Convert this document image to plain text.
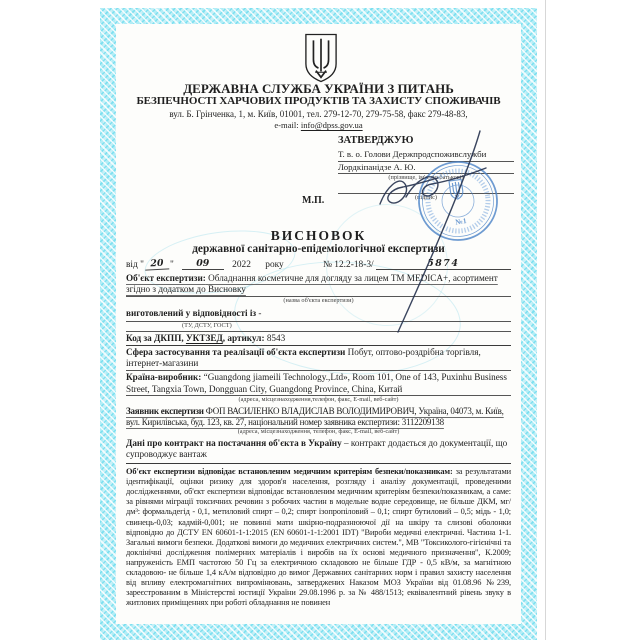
ДЕРЖАВНА СЛУЖБА УКРАЇНИ З ПИТАНЬ
БЕЗПЕЧНОСТІ ХАРЧОВИХ ПРОДУКТІВ ТА ЗАХИСТУ СПОЖИВАЧІВ
вул. Б. Грінченка, 1, м. Київ, 01001, тел. 279-12-70, 279-75-58, факс 279-48-83,
e-mail: info@dpss.gov.ua
ЗАТВЕРДЖУЮ
Т. в. о. Голови Держпродспоживслужби
Лордкіпанідзе А. Ю.
(прізвище, ім'я, по батькові)
(підпис)
М.П.
№1
ВИСНОВОК
державної санітарно-епідеміологічної експертизи
від " 20 " 09 2022 року	№ 12.2-18-3/	5874

Об'єкт експертизи: Обладнання косметичне для догляду за лицем ТМ MEDICA+, асортимент згідно з додатком до Висновку

(назва об'єкта експертизи)

виготовлений у відповідності із -

(ТУ, ДСТУ, ГОСТ)

Код за ДКПП, УКТЗЕД, артикул: 8543

Сфера застосування та реалізації об'єкта експертизи Побут, оптово-роздрібна торгівля, інтернет-магазини

Країна-виробник: “Guangdong jiameili Technology.,Ltd», Room 101, One of 143, Puxinhu Business Street, Tangxia Town, Dongguan City, Guangdong Province, China, Китай

(адреса, місцезнаходження,телефон, факс, E-mail, веб-сайт)

Заявник експертизи ФОП ВАСИЛЕНКО ВЛАДИСЛАВ ВОЛОДИМИРОВИЧ, Україна, 04073, м. Київ, вул. Кирилівська, буд. 123, кв. 27, національний номер заявника експертизи: 3112209138

(адреса, місцезнаходження, телефон, факс, E-mail, веб-сайт)

Дані про контракт на постачання об'єкта в Україну – контракт додається до документації, що супроводжує вантаж

Об'єкт експертизи відповідає встановленим медичним критеріям безпеки/показникам: за результатами ідентифікації, оцінки ризику для здоров'я населення, розгляду і аналізу документації, проведеними дослідженнями, об'єкт експертизи відповідає встановленим медичним критеріям безпеки/показникам, а саме: за рівнями міграції токсичних речовин з робочих частин в модельне водне середовище, не більше ДКМ, мг/дм³: формальдегід - 0,1, метиловий спирт – 0,2; спирт ізопропіловий – 0,1; спирт бутиловий – 0,5; мідь - 1,0; свинець-0,03; кадмій-0,001; не повинні мати шкірно-подразнюючої дії на шкіру та слизові оболонки відповідно до ДСТУ EN 60601-1-1:2015 (EN 60601-1-1:2001 IDT) "Вироби медичні електричні. Частина 1-1. Загальні вимоги безпеки. Додаткові вимоги до медичних електричних систем.", МВ "Токсиколого-гігієнічні та доклінічні дослідження полімерних матеріалів і виробів на їх основі медичного призначення", К.2009; напруженість ЕМП частотою 50 Гц за електричною складовою не більше ГДР - 0,5 кВ/м, за магнітною складовою- не більше 1,4 кА/м відповідно до вимог Державних санітарних норм і правил захисту населення від впливу електромагнітних випромінювань, затверджених Наказом МОЗ України від 01.08.96 №239, зареєстрованим в Міністерстві юстиції України 29.08.1996 р. за № 488/1513; еквівалентний рівень звуку в житлових приміщеннях при роботі обладнання не повинен
